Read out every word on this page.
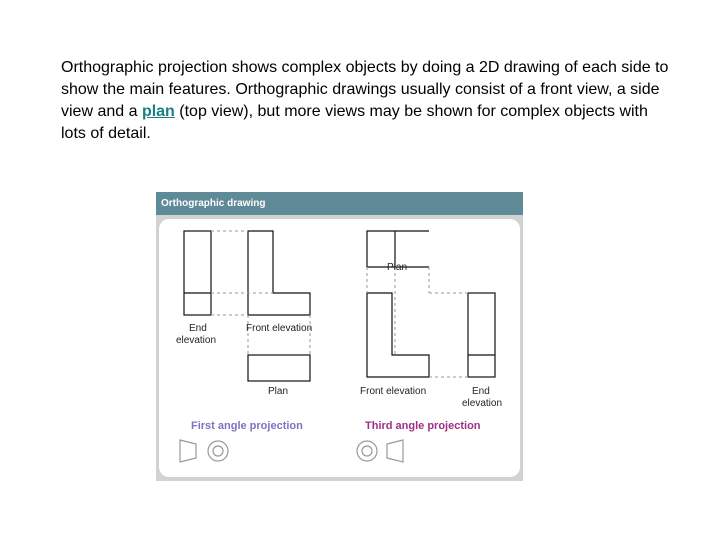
Orthographic projection shows complex objects by doing a 2D drawing of each side to show the main features. Orthographic drawings usually consist of a front view, a side view and a plan (top view), but more views may be shown for complex objects with lots of detail.

Orthographic drawing
End
elevation
Front elevation
Plan
Plan
Front elevation	End
elevation
First angle projection	Third angle projection
